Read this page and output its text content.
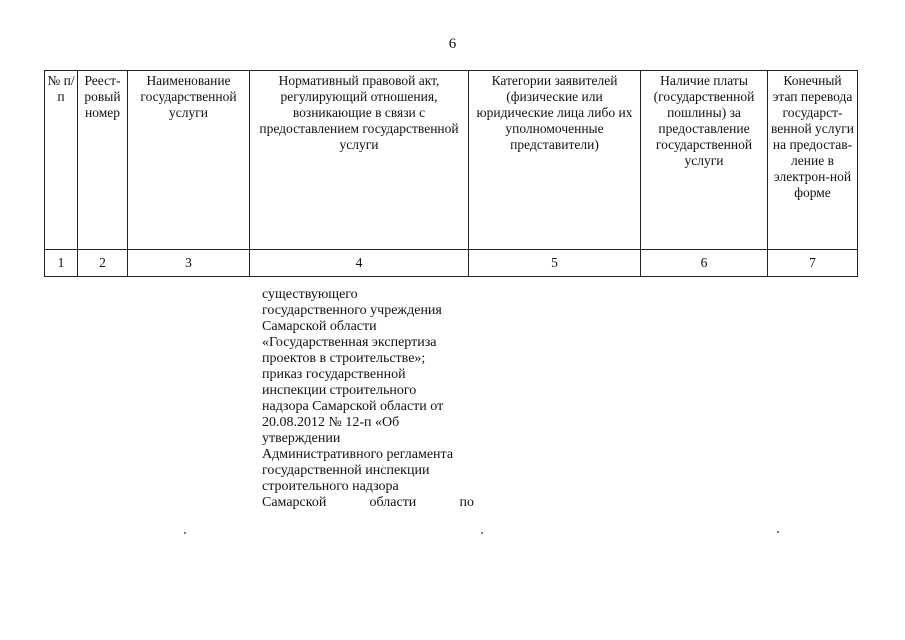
6
№ п/п	Реест-ровый номер	Наименование государственной услуги	Нормативный правовой акт, регулирующий отношения, возникающие в связи с предоставлением государственной услуги	Категории заявителей (физические или юридические лица либо их уполномоченные представители)	Наличие платы (государственной пошлины) за предоставление государственной услуги	Конечный этап перевода государст-венной услуги на предостав-ление в электрон-ной форме
1	2	3	4	5	6	7
существующего
государственного учреждения
Самарской области
«Государственная экспертиза
проектов в строительстве»;
приказ государственной
инспекции строительного
надзора Самарской области от
20.08.2012 № 12-п «Об
утверждении
Административного регламента
государственной инспекции
строительного надзора
Самарской	области	по
